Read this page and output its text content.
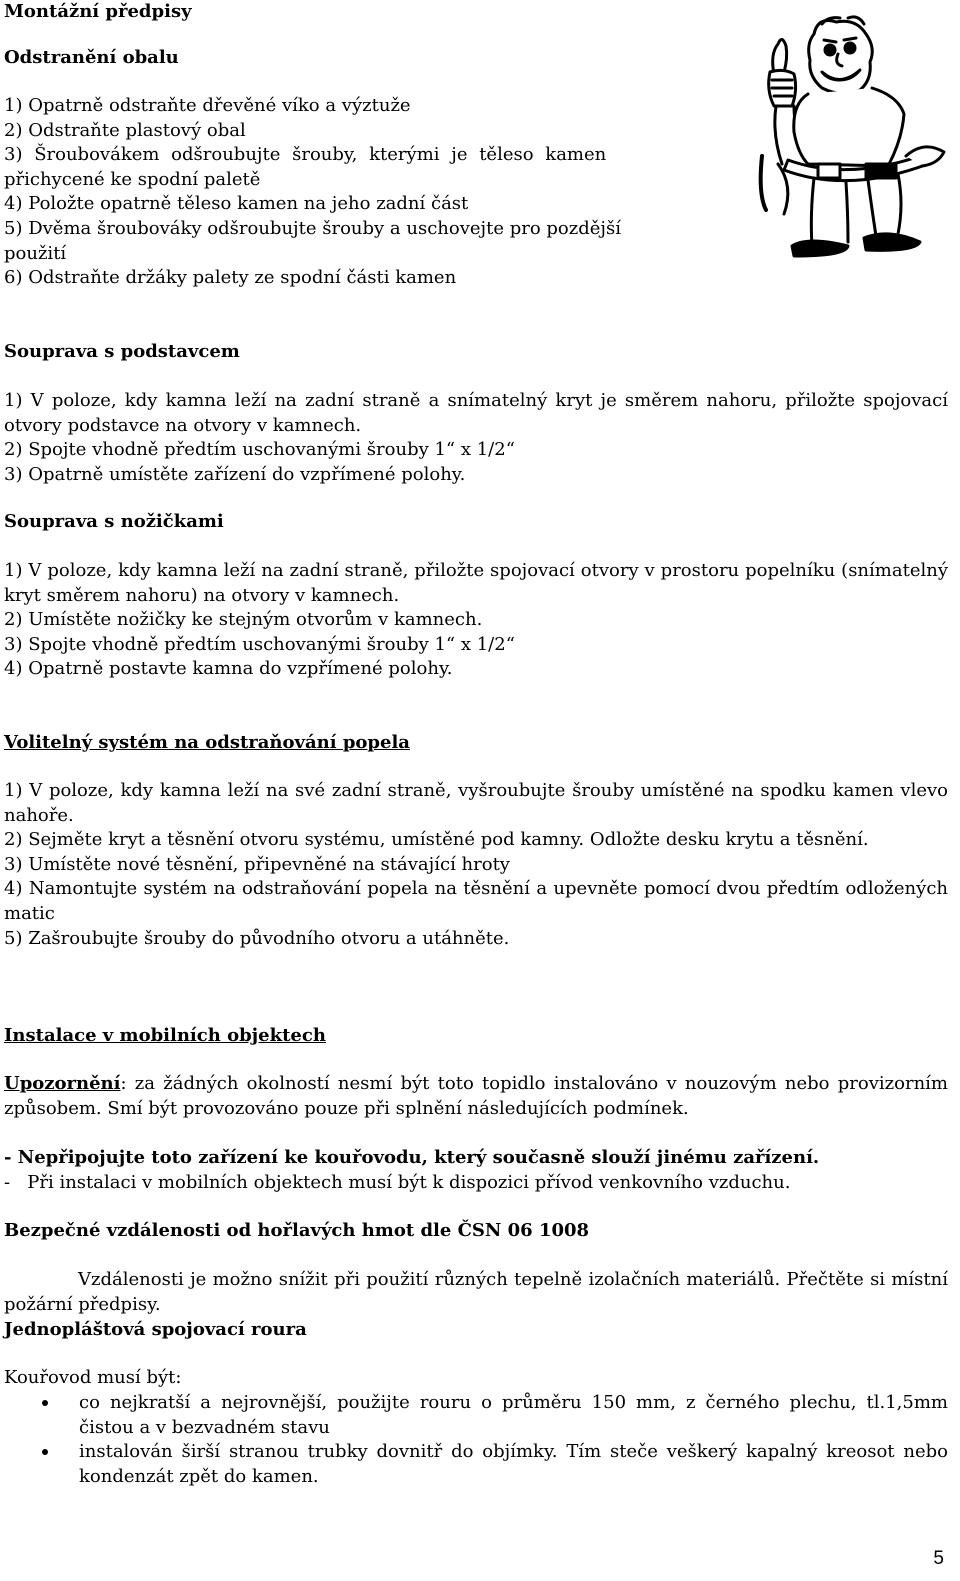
Montážní předpisy
Odstranění obalu
1) Opatrně odstraňte dřevěné víko a výztuže
2) Odstraňte plastový obal
3) Šroubovákem odšroubujte šrouby, kterými je těleso kamen
přichycené ke spodní paletě
4) Položte opatrně těleso kamen na jeho zadní část
5) Dvěma šroubováky odšroubujte šrouby a uschovejte pro pozdější
použití
6) Odstraňte držáky palety ze spodní části kamen
Souprava s podstavcem
1) V poloze, kdy kamna leží na zadní straně a snímatelný kryt je směrem nahoru, přiložte spojovací otvory podstavce na otvory v kamnech.
2) Spojte vhodně předtím uschovanými šrouby 1“ x 1/2“
3) Opatrně umístěte zařízení do vzpřímené polohy.
Souprava s nožičkami
1) V poloze, kdy kamna leží na zadní straně, přiložte spojovací otvory v prostoru popelníku (snímatelný kryt směrem nahoru) na otvory v kamnech.
2) Umístěte nožičky ke stejným otvorům v kamnech.
3) Spojte vhodně předtím uschovanými šrouby 1“ x 1/2“
4) Opatrně postavte kamna do vzpřímené polohy.
Volitelný systém na odstraňování popela
1) V poloze, kdy kamna leží na své zadní straně, vyšroubujte šrouby umístěné na spodku kamen vlevo nahoře.
2) Sejměte kryt a těsnění otvoru systému, umístěné pod kamny. Odložte desku krytu a těsnění.
3) Umístěte nové těsnění, připevněné na stávající hroty
4) Namontujte systém na odstraňování popela na těsnění a upevněte pomocí dvou předtím odložených matic
5) Zašroubujte šrouby do původního otvoru a utáhněte.
Instalace v mobilních objektech
Upozornění: za žádných okolností nesmí být toto topidlo instalováno v nouzovým nebo provizorním způsobem. Smí být provozováno pouze při splnění následujících podmínek.
- Nepřipojujte toto zařízení ke kouřovodu, který současně slouží jinému zařízení.
-   Při instalaci v mobilních objektech musí být k dispozici přívod venkovního vzduchu.
Bezpečné vzdálenosti od hořlavých hmot dle ČSN 06 1008
Vzdálenosti je možno snížit při použití různých tepelně izolačních materiálů. Přečtěte si místní požární předpisy.
Jednopláštová spojovací roura
Kouřovod musí být:
co nejkratší a nejrovnější, použijte rouru o průměru 150 mm, z černého plechu, tl.1,5mm čistou a v bezvadném stavu
instalován širší stranou trubky dovnitř do objímky. Tím steče veškerý kapalný kreosot nebo kondenzát zpět do kamen.
5
